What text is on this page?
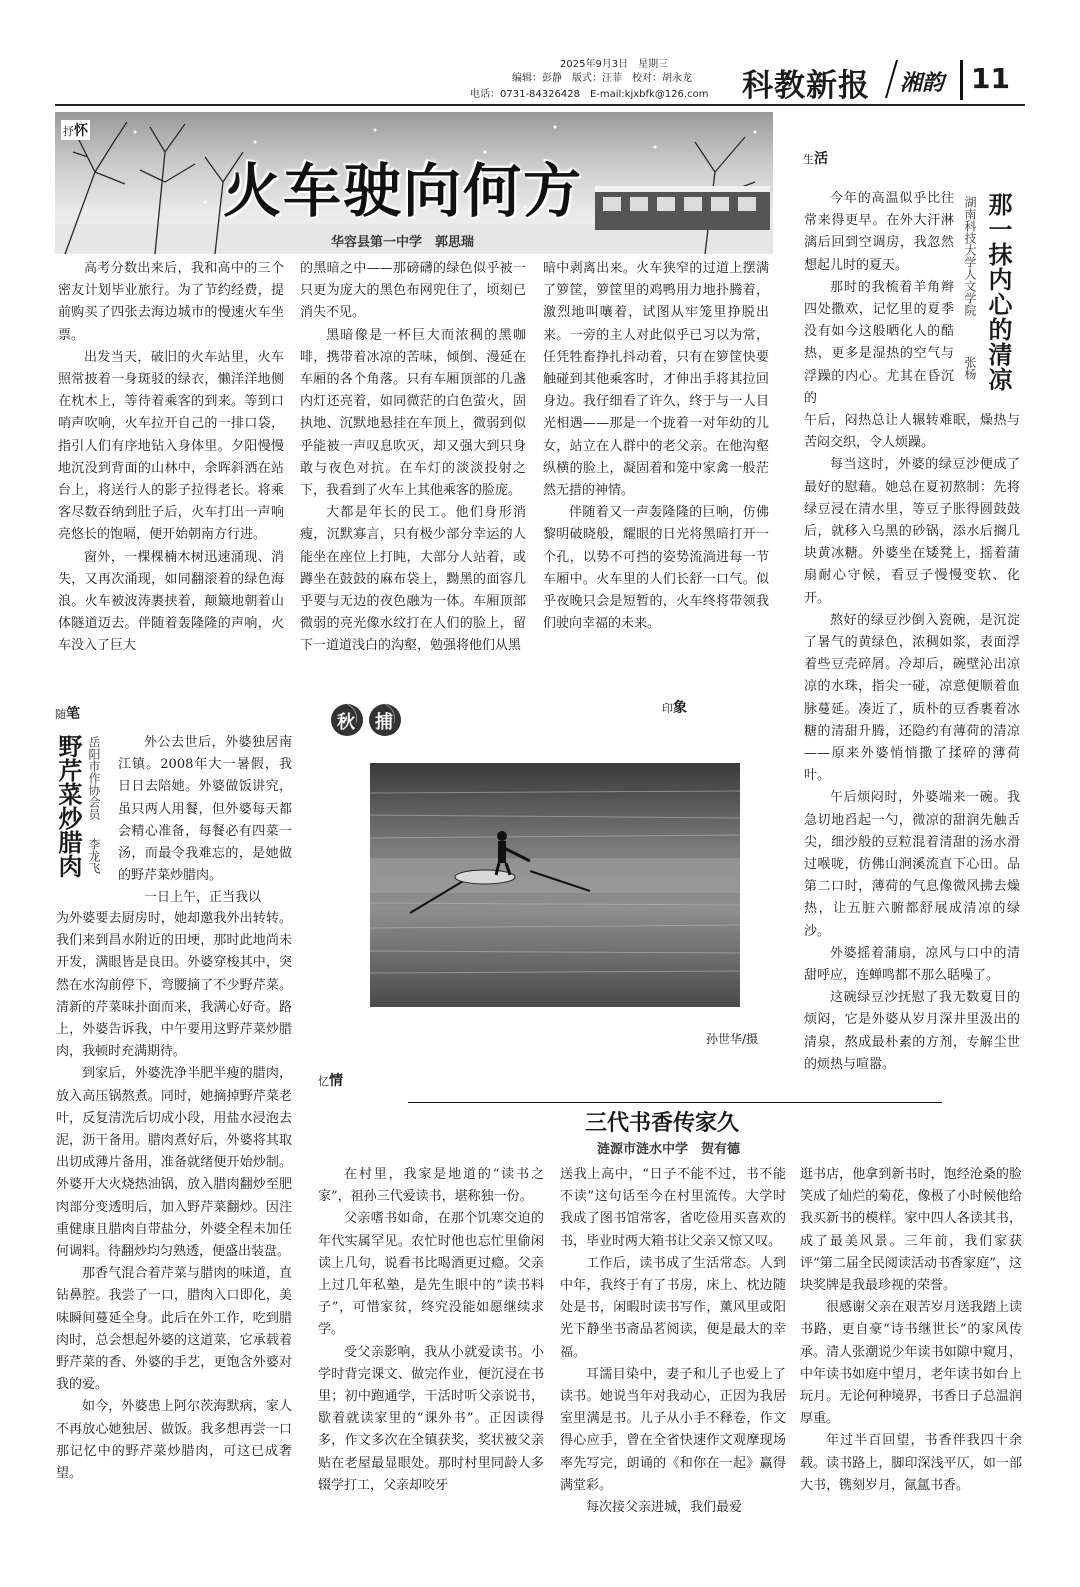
2025年9月3日　星期三
编辑：彭静　版式：汪菲　校对：胡永龙
电话：0731-84326428　E-mail:kjxbfk@126.com 科教新报 湘韵 11
抒怀
火车驶向何方
华容县第一中学　郭思瑞

高考分数出来后，我和高中的三个密友计划毕业旅行。为了节约经费，提前购买了四张去海边城市的慢速火车坐票。

出发当天，破旧的火车站里，火车照常披着一身斑驳的绿衣，懒洋洋地侧在枕木上，等待着乘客的到来。等到口哨声吹响，火车拉开自己的一排口袋，指引人们有序地钻入身体里。夕阳慢慢地沉没到背面的山林中，余晖斜洒在站台上，将送行人的影子拉得老长。将乘客尽数吞纳到肚子后，火车打出一声响亮悠长的饱嗝，便开始朝南方行进。

窗外，一棵棵楠木树迅速涌现、消失，又再次涌现，如同翻滚着的绿色海浪。火车被波涛裹挟着，颠簸地朝着山体隧道迈去。伴随着轰隆隆的声响，火车没入了巨大

的黑暗之中——那磅礴的绿色似乎被一只更为庞大的黑色布网兜住了，顷刻已消失不见。

黑暗像是一杯巨大而浓稠的黑咖啡，携带着冰凉的苦味，倾倒、漫延在车厢的各个角落。只有车厢顶部的几盏内灯还亮着，如同微茫的白色萤火，固执地、沉默地悬挂在车顶上，微弱到似乎能被一声叹息吹灭，却又强大到只身敢与夜色对抗。在车灯的淡淡投射之下，我看到了火车上其他乘客的脸庞。

大都是年长的民工。他们身形消瘦，沉默寡言，只有极少部分幸运的人能坐在座位上打盹，大部分人站着，或蹲坐在鼓鼓的麻布袋上，黝黑的面容几乎要与无边的夜色融为一体。车厢顶部微弱的亮光像水纹打在人们的脸上，留下一道道浅白的沟壑，勉强将他们从黑

暗中剥离出来。火车狭窄的过道上摆满了箩筐，箩筐里的鸡鸭用力地扑腾着，激烈地叫嚷着，试图从牢笼里挣脱出来。一旁的主人对此似乎已习以为常，任凭牲畜挣扎抖动着，只有在箩筐快要触碰到其他乘客时，才伸出手将其拉回身边。我仔细看了许久，终于与一人目光相遇——那是一个拢着一对年幼的儿女，站立在人群中的老父亲。在他沟壑纵横的脸上，凝固着和笼中家禽一般茫然无措的神情。

伴随着又一声轰隆隆的巨响，仿佛黎明破晓般，耀眼的日光将黑暗打开一个孔，以势不可挡的姿势流淌进每一节车厢中。火车里的人们长舒一口气。似乎夜晚只会是短暂的，火车终将带领我们驶向幸福的未来。

生活
那一抹内心的清凉
湖南科技大学人文学院
张杨

今年的高温似乎比往常来得更早。在外大汗淋漓后回到空调房，我忽然想起儿时的夏天。

那时的我梳着羊角辫四处撒欢，记忆里的夏季没有如今这般晒化人的酷热，更多是湿热的空气与浮躁的内心。尤其在昏沉的

午后，闷热总让人辗转难眠，燥热与苦闷交织，令人烦躁。

每当这时，外婆的绿豆沙便成了最好的慰藉。她总在夏初熬制：先将绿豆浸在清水里，等豆子胀得圆鼓鼓后，就移入乌黑的砂锅，添水后搁几块黄冰糖。外婆坐在矮凳上，摇着蒲扇耐心守候，看豆子慢慢变软、化开。

熬好的绿豆沙倒入瓷碗，是沉淀了暑气的黄绿色，浓稠如浆，表面浮着些豆壳碎屑。冷却后，碗壁沁出凉凉的水珠，指尖一碰，凉意便顺着血脉蔓延。凑近了，质朴的豆香裹着冰糖的清甜升腾，还隐约有薄荷的清凉——原来外婆悄悄撒了揉碎的薄荷叶。

午后烦闷时，外婆端来一碗。我急切地舀起一勺，微凉的甜润先触舌尖，细沙般的豆粒混着清甜的汤水滑过喉咙，仿佛山涧溪流直下心田。品第二口时，薄荷的气息像微风拂去燥热，让五脏六腑都舒展成清凉的绿沙。

外婆摇着蒲扇，凉风与口中的清甜呼应，连蝉鸣都不那么聒噪了。

这碗绿豆沙抚慰了我无数夏日的烦闷，它是外婆从岁月深井里汲出的清泉，熬成最朴素的方剂，专解尘世的烦热与喧嚣。

随笔
野芹菜炒腊肉 岳阳市作协会员
李龙飞

外公去世后，外婆独居南江镇。2008年大一暑假，我日日去陪她。外婆做饭讲究，虽只两人用餐，但外婆每天都会精心准备，每餐必有四菜一汤，而最令我难忘的，是她做的野芹菜炒腊肉。

一日上午，正当我以

为外婆要去厨房时，她却邀我外出转转。我们来到昌水附近的田埂，那时此地尚未开发，满眼皆是良田。外婆穿梭其中，突然在水沟前停下，弯腰摘了不少野芹菜。清新的芹菜味扑面而来，我满心好奇。路上，外婆告诉我，中午要用这野芹菜炒腊肉，我顿时充满期待。

到家后，外婆洗净半肥半瘦的腊肉，放入高压锅熬煮。同时，她摘掉野芹菜老叶，反复清洗后切成小段，用盐水浸泡去泥，沥干备用。腊肉煮好后，外婆将其取出切成薄片备用，准备就绪便开始炒制。外婆开大火烧热油锅，放入腊肉翻炒至肥肉部分变透明后，加入野芹菜翻炒。因注重健康且腊肉自带盐分，外婆全程未加任何调料。待翻炒均匀熟透，便盛出装盘。

那香气混合着芹菜与腊肉的味道，直钻鼻腔。我尝了一口，腊肉入口即化，美味瞬间蔓延全身。此后在外工作，吃到腊肉时，总会想起外婆的这道菜，它承载着野芹菜的香、外婆的手艺，更饱含外婆对我的爱。

如今，外婆患上阿尔茨海默病，家人不再放心她独居、做饭。我多想再尝一口那记忆中的野芹菜炒腊肉，可这已成奢望。

秋 捕
印象
孙世华/摄
忆情
三代书香传家久
涟源市涟水中学　贺有德

在村里，我家是地道的“读书之家”，祖孙三代爱读书，堪称独一份。

父亲嗜书如命，在那个饥寒交迫的年代实属罕见。农忙时他也忘忙里偷闲读上几句，说看书比喝酒更过瘾。父亲上过几年私塾，是先生眼中的“读书料子”，可惜家贫，终究没能如愿继续求学。

受父亲影响，我从小就爱读书。小学时背完课文、做完作业，便沉浸在书里；初中跑通学，干活时听父亲说书，歇着就读家里的“课外书”。正因读得多，作文多次在全镇获奖，奖状被父亲贴在老屋最显眼处。那时村里同龄人多辍学打工，父亲却咬牙

送我上高中，“日子不能不过，书不能不读”这句话至今在村里流传。大学时我成了图书馆常客，省吃俭用买喜欢的书，毕业时两大箱书让父亲又惊又叹。

工作后，读书成了生活常态。人到中年，我终于有了书房，床上、枕边随处是书，闲暇时读书写作，薰风里或阳光下静坐书斋品茗阅读，便是最大的幸福。

耳濡目染中，妻子和儿子也爱上了读书。她说当年对我动心，正因为我居室里满是书。儿子从小手不释卷，作文得心应手，曾在全省快速作文观摩现场率先写完，朗诵的《和你在一起》赢得满堂彩。

每次接父亲进城，我们最爱

逛书店，他拿到新书时，饱经沧桑的脸笑成了灿烂的菊花，像极了小时候他给我买新书的模样。家中四人各读其书，成了最美风景。三年前，我们家获评“第二届全民阅读活动书香家庭”，这块奖牌是我最珍视的荣誉。

很感谢父亲在艰苦岁月送我踏上读书路，更自豪“诗书继世长”的家风传承。清人张潮说少年读书如隙中窥月，中年读书如庭中望月，老年读书如台上玩月。无论何种境界，书香日子总温润厚重。

年过半百回望，书香伴我四十余载。读书路上，脚印深浅平仄，如一部大书，镌刻岁月，氤氲书香。
